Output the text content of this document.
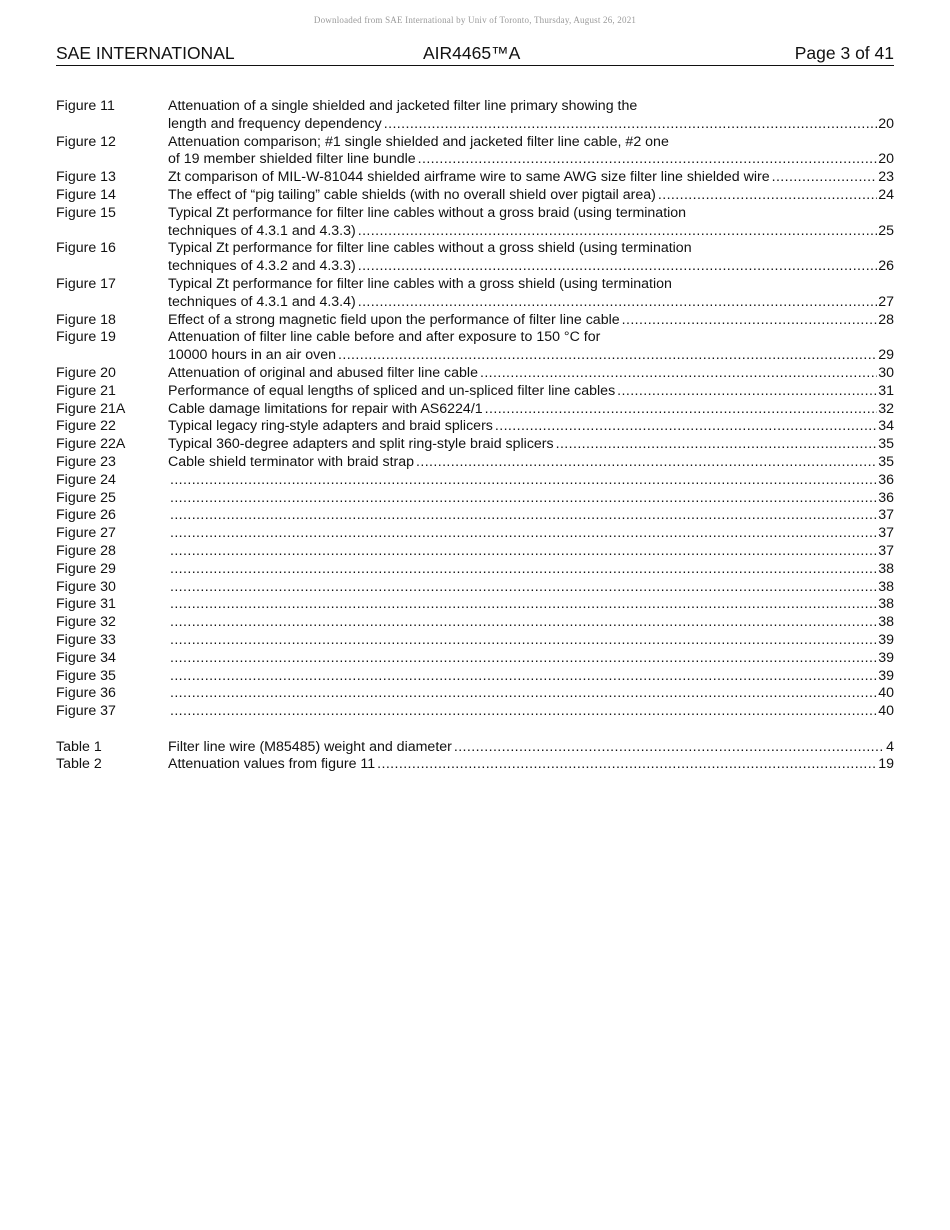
Downloaded from SAE International by Univ of Toronto, Thursday, August 26, 2021
SAE INTERNATIONAL	AIR4465™A	Page 3 of 41
Figure 11	Attenuation of a single shielded and jacketed filter line primary showing the
length and frequency dependency .....	20
Figure 12	Attenuation comparison; #1 single shielded and jacketed filter line cable, #2 one
of 19 member shielded filter line bundle .....	20
Figure 13	Zt comparison of MIL-W-81044 shielded airframe wire to same AWG size filter line shielded wire .....	23
Figure 14	The effect of “pig tailing” cable shields (with no overall shield over pigtail area) .....	24
Figure 15	Typical Zt performance for filter line cables without a gross braid (using termination
techniques of 4.3.1 and 4.3.3) .....	25
Figure 16	Typical Zt performance for filter line cables without a gross shield (using termination
techniques of 4.3.2 and 4.3.3) .....	26
Figure 17	Typical Zt performance for filter line cables with a gross shield (using termination
techniques of 4.3.1 and 4.3.4) .....	27
Figure 18	Effect of a strong magnetic field upon the performance of filter line cable .....	28
Figure 19	Attenuation of filter line cable before and after exposure to 150 °C for
10000 hours in an air oven .....	29
Figure 20	Attenuation of original and abused filter line cable .....	30
Figure 21	Performance of equal lengths of spliced and un-spliced filter line cables .....	31
Figure 21A	Cable damage limitations for repair with AS6224/1 .....	32
Figure 22	Typical legacy ring-style adapters and braid splicers .....	34
Figure 22A	Typical 360-degree adapters and split ring-style braid splicers .....	35
Figure 23	Cable shield terminator with braid strap .....	35
Figure 24 .....	36
Figure 25 .....	36
Figure 26 .....	37
Figure 27 .....	37
Figure 28 .....	37
Figure 29 .....	38
Figure 30 .....	38
Figure 31 .....	38
Figure 32 .....	38
Figure 33 .....	39
Figure 34 .....	39
Figure 35 .....	39
Figure 36 .....	40
Figure 37 .....	40
Table 1	Filter line wire (M85485) weight and diameter .....	4
Table 2	Attenuation values from figure 11 .....	19
